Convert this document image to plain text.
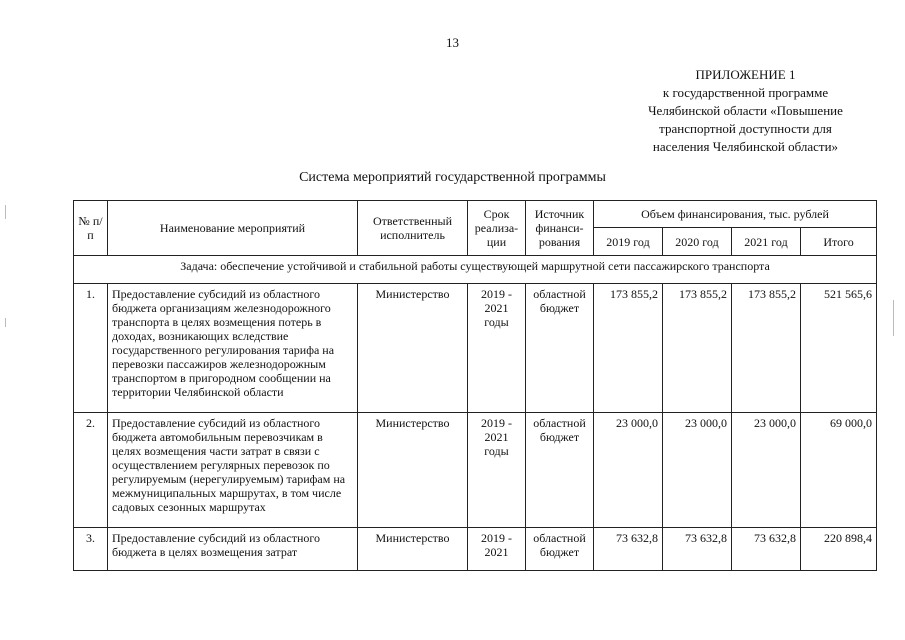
13
ПРИЛОЖЕНИЕ 1
к государственной программе
Челябинской области «Повышение
транспортной доступности для
населения Челябинской области»
Система мероприятий государственной программы
№ п/п	Наименование мероприятий	Ответственный исполнитель	Срок реализа-ции	Источник финанси-рования	Объем финансирования, тыс. рублей			
					2019 год	2020 год	2021 год	Итого
Задача: обеспечение устойчивой и стабильной работы существующей маршрутной сети пассажирского транспорта								
1.	Предоставление субсидий из областного бюджета организациям железнодорожного транспорта в целях возмещения потерь в доходах, возникающих вследствие государственного регулирования тарифа на перевозки пассажиров железнодорожным транспортом в пригородном сообщении на территории Челябинской области	Министерство	2019 - 2021 годы	областной бюджет	173 855,2	173 855,2	173 855,2	521 565,6
2.	Предоставление субсидий из областного бюджета автомобильным перевозчикам в целях возмещения части затрат в связи с осуществлением регулярных перевозок по регулируемым (нерегулируемым) тарифам на межмуниципальных маршрутах, в том числе садовых сезонных маршрутах	Министерство	2019 - 2021 годы	областной бюджет	23 000,0	23 000,0	23 000,0	69 000,0
3.	Предоставление субсидий из областного бюджета в целях возмещения затрат	Министерство	2019 - 2021	областной бюджет	73 632,8	73 632,8	73 632,8	220 898,4
